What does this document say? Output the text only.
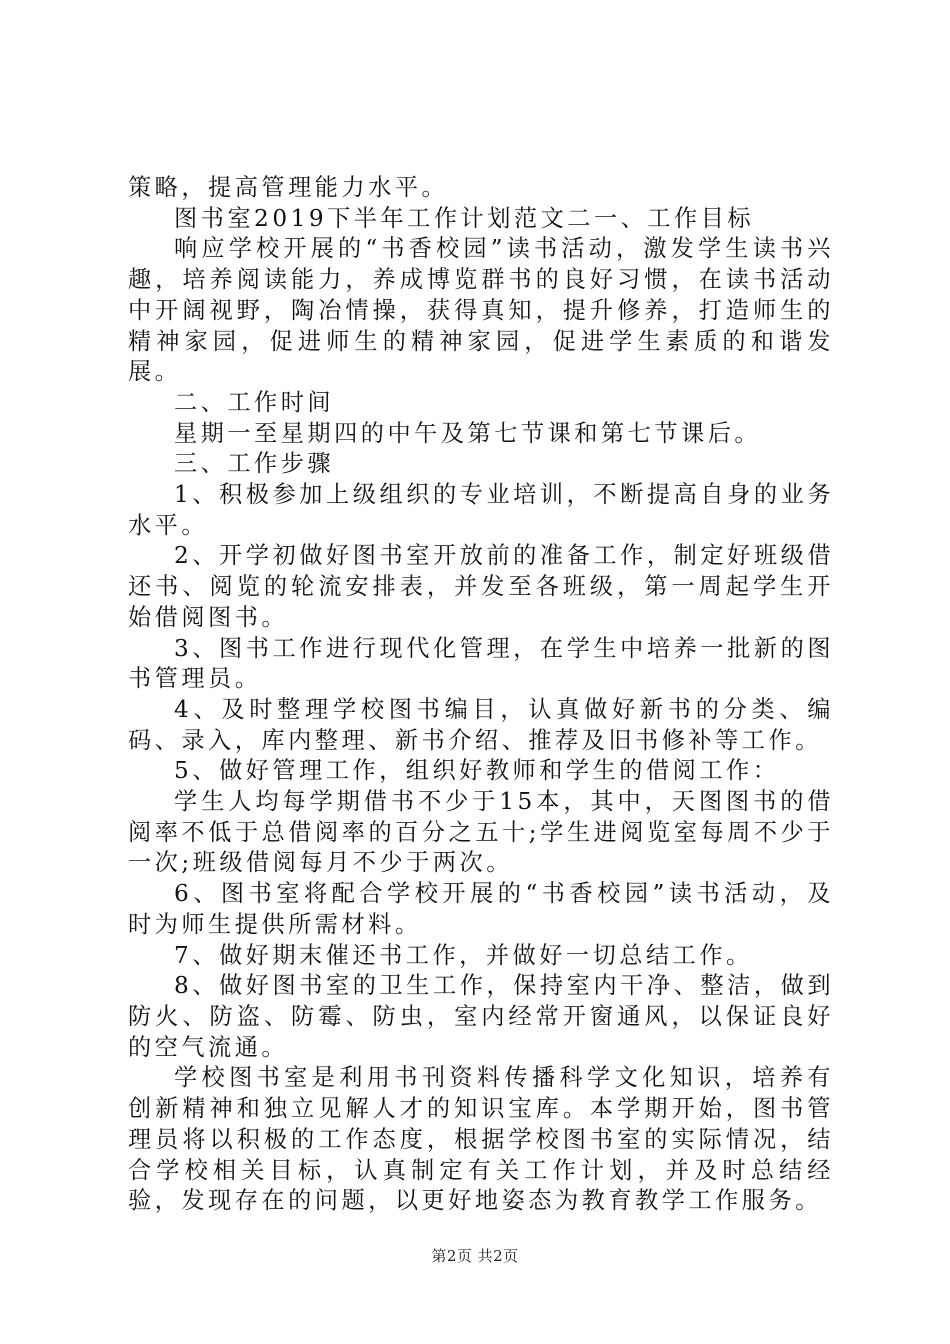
策略，提高管理能力水平。

图书室2019下半年工作计划范文二一、工作目标

响应学校开展的“书香校园”读书活动，激发学生读书兴趣，培养阅读能力，养成博览群书的良好习惯，在读书活动中开阔视野，陶冶情操，获得真知，提升修养，打造师生的精神家园，促进师生的精神家园，促进学生素质的和谐发展。

二、工作时间

星期一至星期四的中午及第七节课和第七节课后。

三、工作步骤

1、积极参加上级组织的专业培训，不断提高自身的业务水平。

2、开学初做好图书室开放前的准备工作，制定好班级借还书、阅览的轮流安排表，并发至各班级，第一周起学生开始借阅图书。

3、图书工作进行现代化管理，在学生中培养一批新的图书管理员。

4、及时整理学校图书编目，认真做好新书的分类、编码、录入，库内整理、新书介绍、推荐及旧书修补等工作。

5、做好管理工作，组织好教师和学生的借阅工作：

学生人均每学期借书不少于15本，其中，天图图书的借阅率不低于总借阅率的百分之五十;学生进阅览室每周不少于一次;班级借阅每月不少于两次。

6、图书室将配合学校开展的“书香校园”读书活动，及时为师生提供所需材料。

7、做好期末催还书工作，并做好一切总结工作。

8、做好图书室的卫生工作，保持室内干净、整洁，做到防火、防盗、防霉、防虫，室内经常开窗通风，以保证良好的空气流通。

学校图书室是利用书刊资料传播科学文化知识，培养有创新精神和独立见解人才的知识宝库。本学期开始，图书管理员将以积极的工作态度，根据学校图书室的实际情况，结合学校相关目标，认真制定有关工作计划，并及时总结经验，发现存在的问题，以更好地姿态为教育教学工作服务。

第2页 共2页
